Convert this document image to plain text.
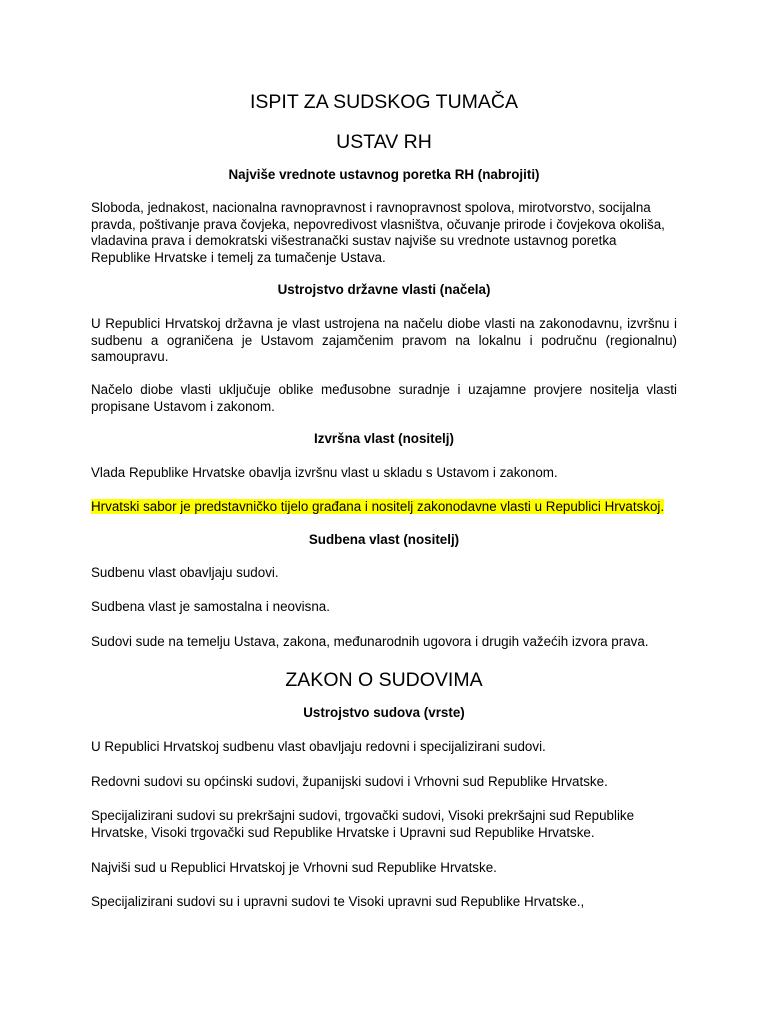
ISPIT ZA SUDSKOG TUMAČA
USTAV RH
Najviše vrednote ustavnog poretka RH (nabrojiti)

Sloboda, jednakost, nacionalna ravnopravnost i ravnopravnost spolova, mirotvorstvo, socijalna pravda, poštivanje prava čovjeka, nepovredivost vlasništva, očuvanje prirode i čovjekova okoliša, vladavina prava i demokratski višestranački sustav najviše su vrednote ustavnog poretka Republike Hrvatske i temelj za tumačenje Ustava.

Ustrojstvo državne vlasti (načela)

U Republici Hrvatskoj državna je vlast ustrojena na načelu diobe vlasti na zakonodavnu, izvršnu i sudbenu a ograničena je Ustavom zajamčenim pravom na lokalnu i područnu (regionalnu) samoupravu.

Načelo diobe vlasti uključuje oblike međusobne suradnje i uzajamne provjere nositelja vlasti propisane Ustavom i zakonom.

Izvršna vlast (nositelj)

Vlada Republike Hrvatske obavlja izvršnu vlast u skladu s Ustavom i zakonom.

Hrvatski sabor je predstavničko tijelo građana i nositelj zakonodavne vlasti u Republici Hrvatskoj.

Sudbena vlast (nositelj)

Sudbenu vlast obavljaju sudovi.

Sudbena vlast je samostalna i neovisna.

Sudovi sude na temelju Ustava, zakona, međunarodnih ugovora i drugih važećih izvora prava.

ZAKON O SUDOVIMA
Ustrojstvo sudova (vrste)

U Republici Hrvatskoj sudbenu vlast obavljaju redovni i specijalizirani sudovi.

Redovni sudovi su općinski sudovi, županijski sudovi i Vrhovni sud Republike Hrvatske.

Specijalizirani sudovi su prekršajni sudovi, trgovački sudovi, Visoki prekršajni sud Republike Hrvatske, Visoki trgovački sud Republike Hrvatske i Upravni sud Republike Hrvatske.

Najviši sud u Republici Hrvatskoj je Vrhovni sud Republike Hrvatske.

Specijalizirani sudovi su i upravni sudovi te Visoki upravni sud Republike Hrvatske.,
